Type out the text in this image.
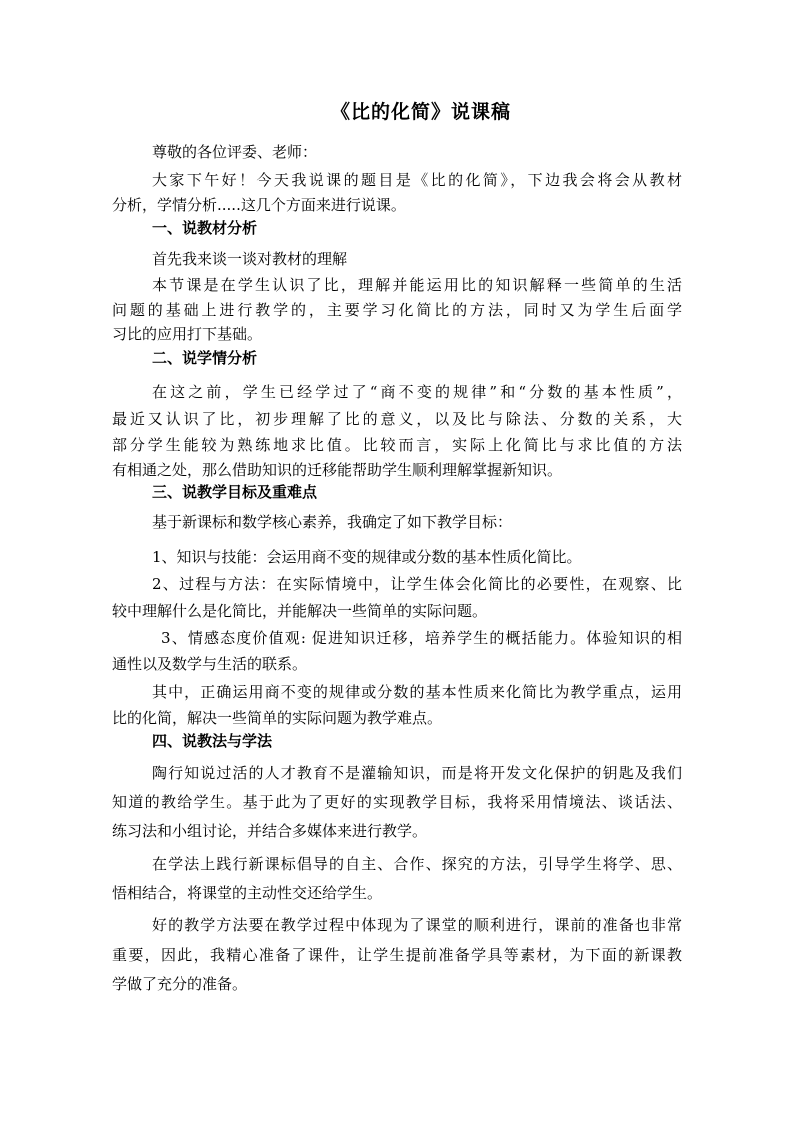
《比的化简》说课稿
尊敬的各位评委、老师：
大家下午好！今天我说课的题目是《比的化简》，下边我会将会从教材
分析，学情分析.....这几个方面来进行说课。
一、说教材分析
首先我来谈一谈对教材的理解
本节课是在学生认识了比，理解并能运用比的知识解释一些简单的生活
问题的基础上进行教学的，主要学习化简比的方法，同时又为学生后面学
习比的应用打下基础。
二、说学情分析
在这之前，学生已经学过了“商不变的规律”和“分数的基本性质”，
最近又认识了比，初步理解了比的意义，以及比与除法、分数的关系，大
部分学生能较为熟练地求比值。比较而言，实际上化简比与求比值的方法
有相通之处，那么借助知识的迁移能帮助学生顺利理解掌握新知识。
三、说教学目标及重难点
基于新课标和数学核心素养，我确定了如下教学目标：
1、知识与技能：会运用商不变的规律或分数的基本性质化简比。
2、过程与方法：在实际情境中，让学生体会化简比的必要性，在观察、比
较中理解什么是化简比，并能解决一些简单的实际问题。
3、情感态度价值观: 促进知识迁移，培养学生的概括能力。体验知识的相
通性以及数学与生活的联系。
其中，正确运用商不变的规律或分数的基本性质来化简比为教学重点，运用
比的化简，解决一些简单的实际问题为教学难点。
四、说教法与学法
陶行知说过活的人才教育不是灌输知识，而是将开发文化保护的钥匙及我们
知道的教给学生。基于此为了更好的实现教学目标，我将采用情境法、谈话法、
练习法和小组讨论，并结合多媒体来进行教学。
在学法上践行新课标倡导的自主、合作、探究的方法，引导学生将学、思、
悟相结合，将课堂的主动性交还给学生。
好的教学方法要在教学过程中体现为了课堂的顺利进行，课前的准备也非常
重要，因此，我精心准备了课件，让学生提前准备学具等素材，为下面的新课教
学做了充分的准备。
